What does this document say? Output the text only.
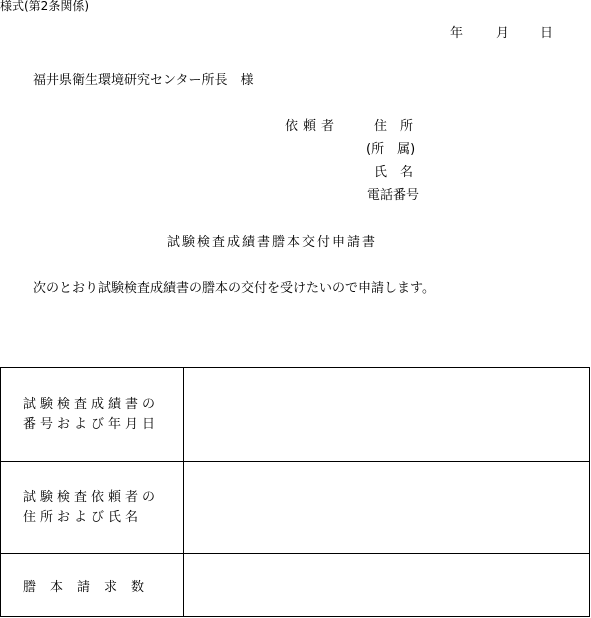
様式(第2条関係)
年	月 日
福井県衛生環境研究センター所長　様
依頼者	住　所
(所　属)
氏　名
電話番号
試験検査成績書謄本交付申請書
次のとおり試験検査成績書の謄本の交付を受けたいので申請します。
試験検査成績書の
番号および年月日	

試験検査依頼者の
住所および氏名	

謄本請求数	
